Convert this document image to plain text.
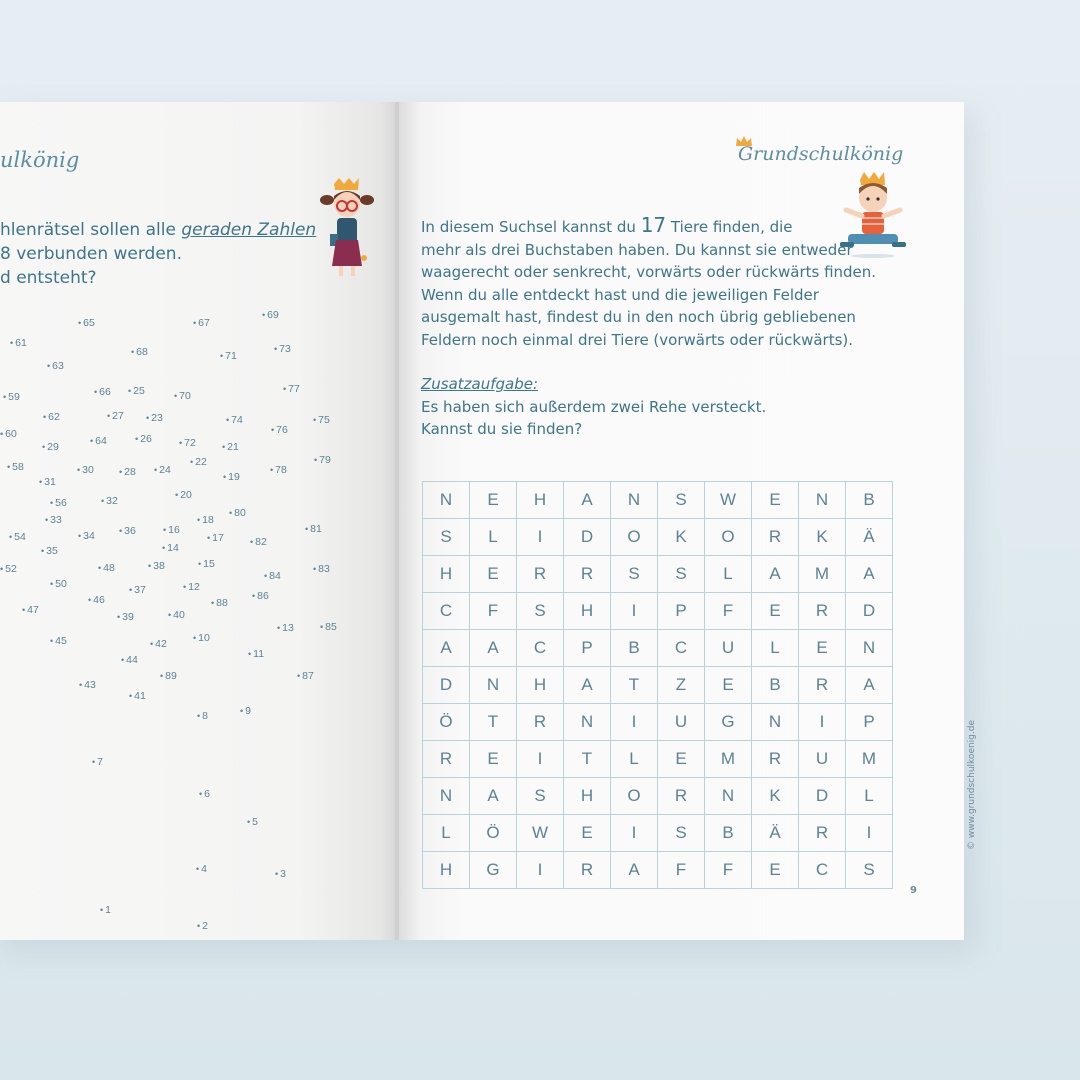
ulkönig
hlenrätsel sollen alle geraden Zahlen
8 verbunden werden.
d entsteht?
• 65	• 67
• 69
• 61
• 68	• 71
• 73
• 63
• 59	• 66	• 25	• 70
• 77
• 62	• 27	• 23	• 74	• 75
• 60	• 76
• 29	• 64	• 26	• 72	• 21
• 22	• 79
• 58	• 30	• 28	• 24	• 78
• 31	• 19
• 56	• 32	• 20
• 80
• 33	• 18
• 81
• 54	• 34	• 36	• 16
• 17	• 82
• 35	• 14
• 52	• 48	• 38	• 15
• 84
• 83
• 50	• 37	• 12
• 86
• 46	• 88
• 47
• 39	• 40
• 13	• 85
• 45	• 42	• 10
• 44	• 11
• 89	• 87
• 43
• 41
• 8	• 9
• 7
• 6
• 5
• 4	• 3
• 1
• 2
Grundschulkönig
In diesem Suchsel kannst du 17 Tiere finden, die
mehr als drei Buchstaben haben. Du kannst sie entweder
waagerecht oder senkrecht, vorwärts oder rückwärts finden.
Wenn du alle entdeckt hast und die jeweiligen Felder
ausgemalt hast, findest du in den noch übrig gebliebenen
Feldern noch einmal drei Tiere (vorwärts oder rückwärts).
Zusatzaufgabe:
Es haben sich außerdem zwei Rehe versteckt.
Kannst du sie finden?
N	E	H	A	N	S	W	E	N	B
S	L	I	D	O	K	O	R	K	Ä
H	E	R	R	S	S	L	A	M	A
C	F	S	H	I	P	F	E	R	D
A	A	C	P	B	C	U	L	E	N
D	N	H	A	T	Z	E	B	R	A
Ö	T	R	N	I	U	G	N	I	P
R	E	I	T	L	E	M	R	U	M
N	A	S	H	O	R	N	K	D	L
L	Ö	W	E	I	S	B	Ä	R	I
H	G	I	R	A	F	F	E	C	S
© www.grundschulkoenig.de
9
